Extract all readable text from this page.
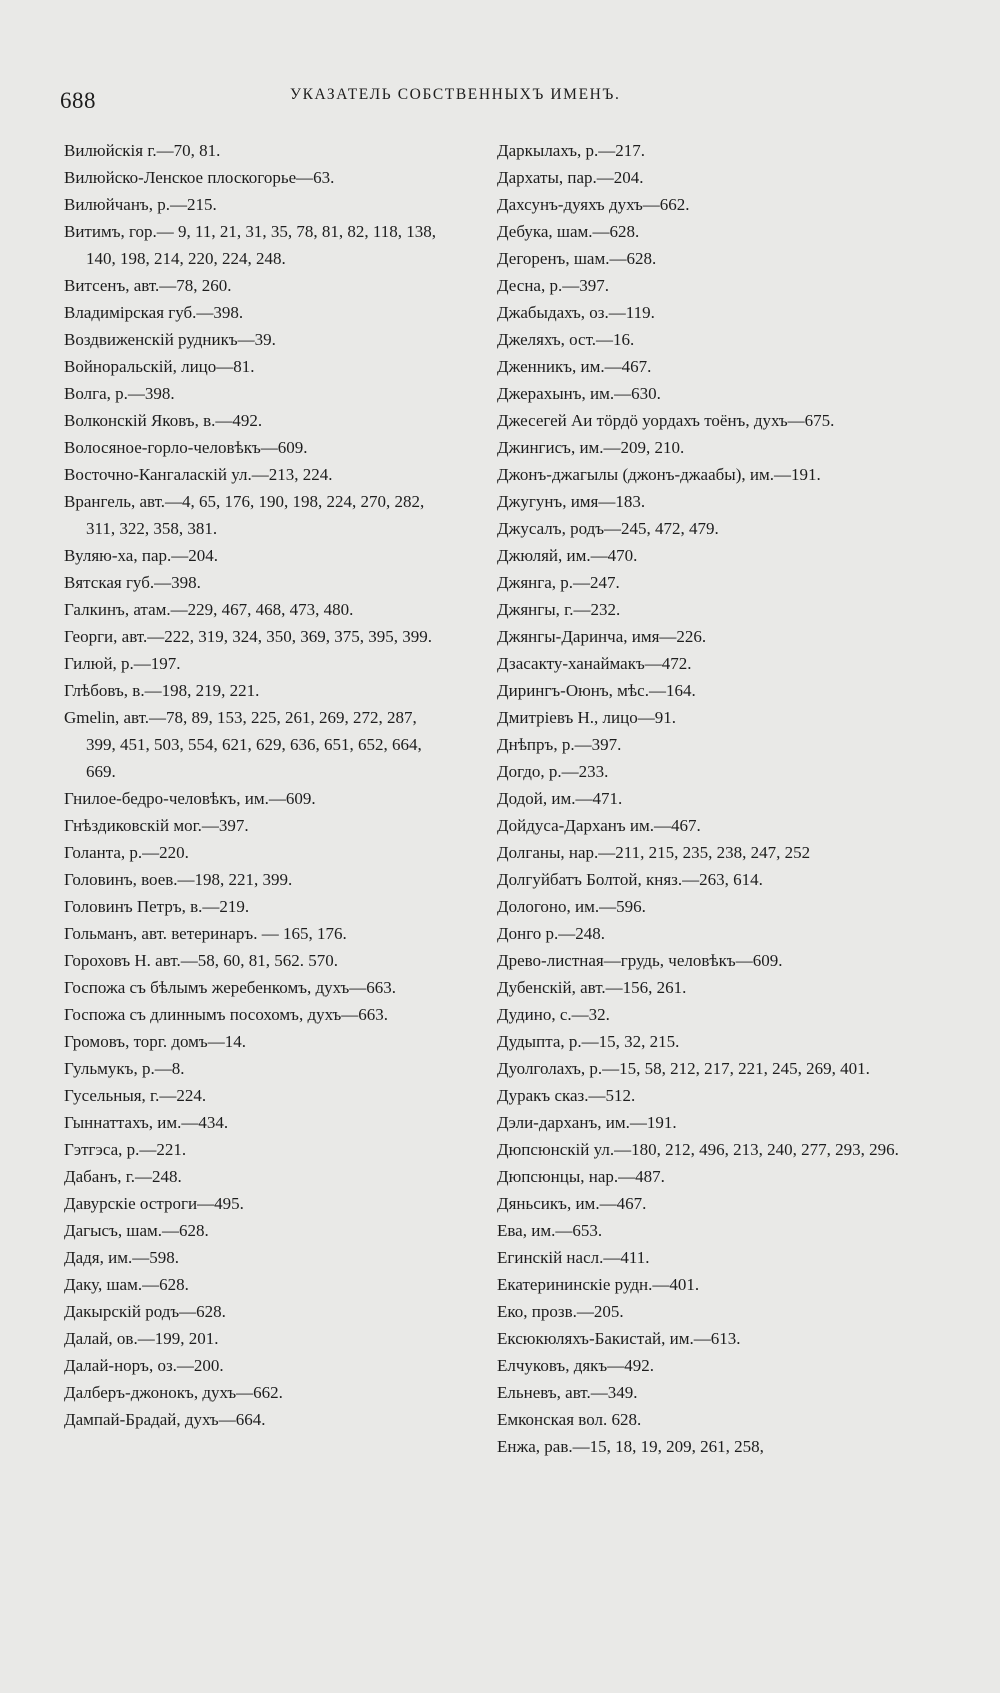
688	УКАЗАТЕЛЬ СОБСТВЕННЫХЪ ИМЕНЪ.
Вилюйскія г.—70, 81.
Вилюйско-Ленское плоскогорье—63.
Вилюйчанъ, р.—215.
Витимъ, гор.— 9, 11, 21, 31, 35, 78, 81, 82, 118, 138, 140, 198, 214, 220, 224, 248.
Витсенъ, авт.—78, 260.
Владимірская губ.—398.
Воздвиженскій рудникъ—39.
Войноральскій, лицо—81.
Волга, р.—398.
Волконскій Яковъ, в.—492.
Волосяное-горло-человѣкъ—609.
Восточно-Кангаласкій ул.—213, 224.
Врангель, авт.—4, 65, 176, 190, 198, 224, 270, 282, 311, 322, 358, 381.
Вуляю-ха, пар.—204.
Вятская губ.—398.
Галкинъ, атам.—229, 467, 468, 473, 480.
Георги, авт.—222, 319, 324, 350, 369, 375, 395, 399.
Гилюй, р.—197.
Глѣбовъ, в.—198, 219, 221.
Gmelin, авт.—78, 89, 153, 225, 261, 269, 272, 287, 399, 451, 503, 554, 621, 629, 636, 651, 652, 664, 669.
Гнилое-бедро-человѣкъ, им.—609.
Гнѣздиковскій мог.—397.
Голанта, р.—220.
Головинъ, воев.—198, 221, 399.
Головинъ Петръ, в.—219.
Гольманъ, авт. ветеринаръ. — 165, 176.
Гороховъ Н. авт.—58, 60, 81, 562. 570.
Госпожа съ бѣлымъ жеребенкомъ, духъ—663.
Госпожа съ длиннымъ посохомъ, духъ—663.
Громовъ, торг. домъ—14.
Гульмукъ, р.—8.
Гусельныя, г.—224.
Гыннаттахъ, им.—434.
Гэтгэса, р.—221.
Дабанъ, г.—248.
Давурскіе остроги—495.
Дагысъ, шам.—628.
Дадя, им.—598.
Даку, шам.—628.
Дакырскій родъ—628.
Далай, ов.—199, 201.
Далай-норъ, оз.—200.
Далберъ-джонокъ, духъ—662.
Дампай-Брадай, духъ—664.
Даркылахъ, р.—217.
Дархаты, пар.—204.
Дахсунъ-дуяхъ духъ—662.
Дебука, шам.—628.
Дегоренъ, шам.—628.
Десна, р.—397.
Джабыдахъ, оз.—119.
Джеляхъ, ост.—16.
Дженникъ, им.—467.
Джерахынъ, им.—630.
Джесегей Аи тöрдö уордахъ тоёнъ, духъ—675.
Джингисъ, им.—209, 210.
Джонъ-джагылы (джонъ-джаабы), им.—191.
Джугунъ, имя—183.
Джусалъ, родъ—245, 472, 479.
Джюляй, им.—470.
Джянга, р.—247.
Джянгы, г.—232.
Джянгы-Даринча, имя—226.
Дзасакту-ханаймакъ—472.
Дирингъ-Оюнъ, мѣс.—164.
Дмитріевъ Н., лицо—91.
Днѣпръ, р.—397.
Догдо, р.—233.
Додой, им.—471.
Дойдуса-Дарханъ им.—467.
Долганы, нар.—211, 215, 235, 238, 247, 252
Долгуйбатъ Болтой, княз.—263, 614.
Дологоно, им.—596.
Донго р.—248.
Древо-листная—грудь, человѣкъ—609.
Дубенскій, авт.—156, 261.
Дудино, с.—32.
Дудыпта, р.—15, 32, 215.
Дуолголахъ, р.—15, 58, 212, 217, 221, 245, 269, 401.
Дуракъ сказ.—512.
Дэли-дарханъ, им.—191.
Дюпсюнскій ул.—180, 212, 496, 213, 240, 277, 293, 296.
Дюпсюнцы, нар.—487.
Дяньсикъ, им.—467.
Ева, им.—653.
Егинскій насл.—411.
Екатерининскіе рудн.—401.
Еко, прозв.—205.
Ексюкюляхъ-Бакистай, им.—613.
Елчуковъ, дякъ—492.
Ельневъ, авт.—349.
Емконская вол. 628.
Енжа, рав.—15, 18, 19, 209, 261, 258,
